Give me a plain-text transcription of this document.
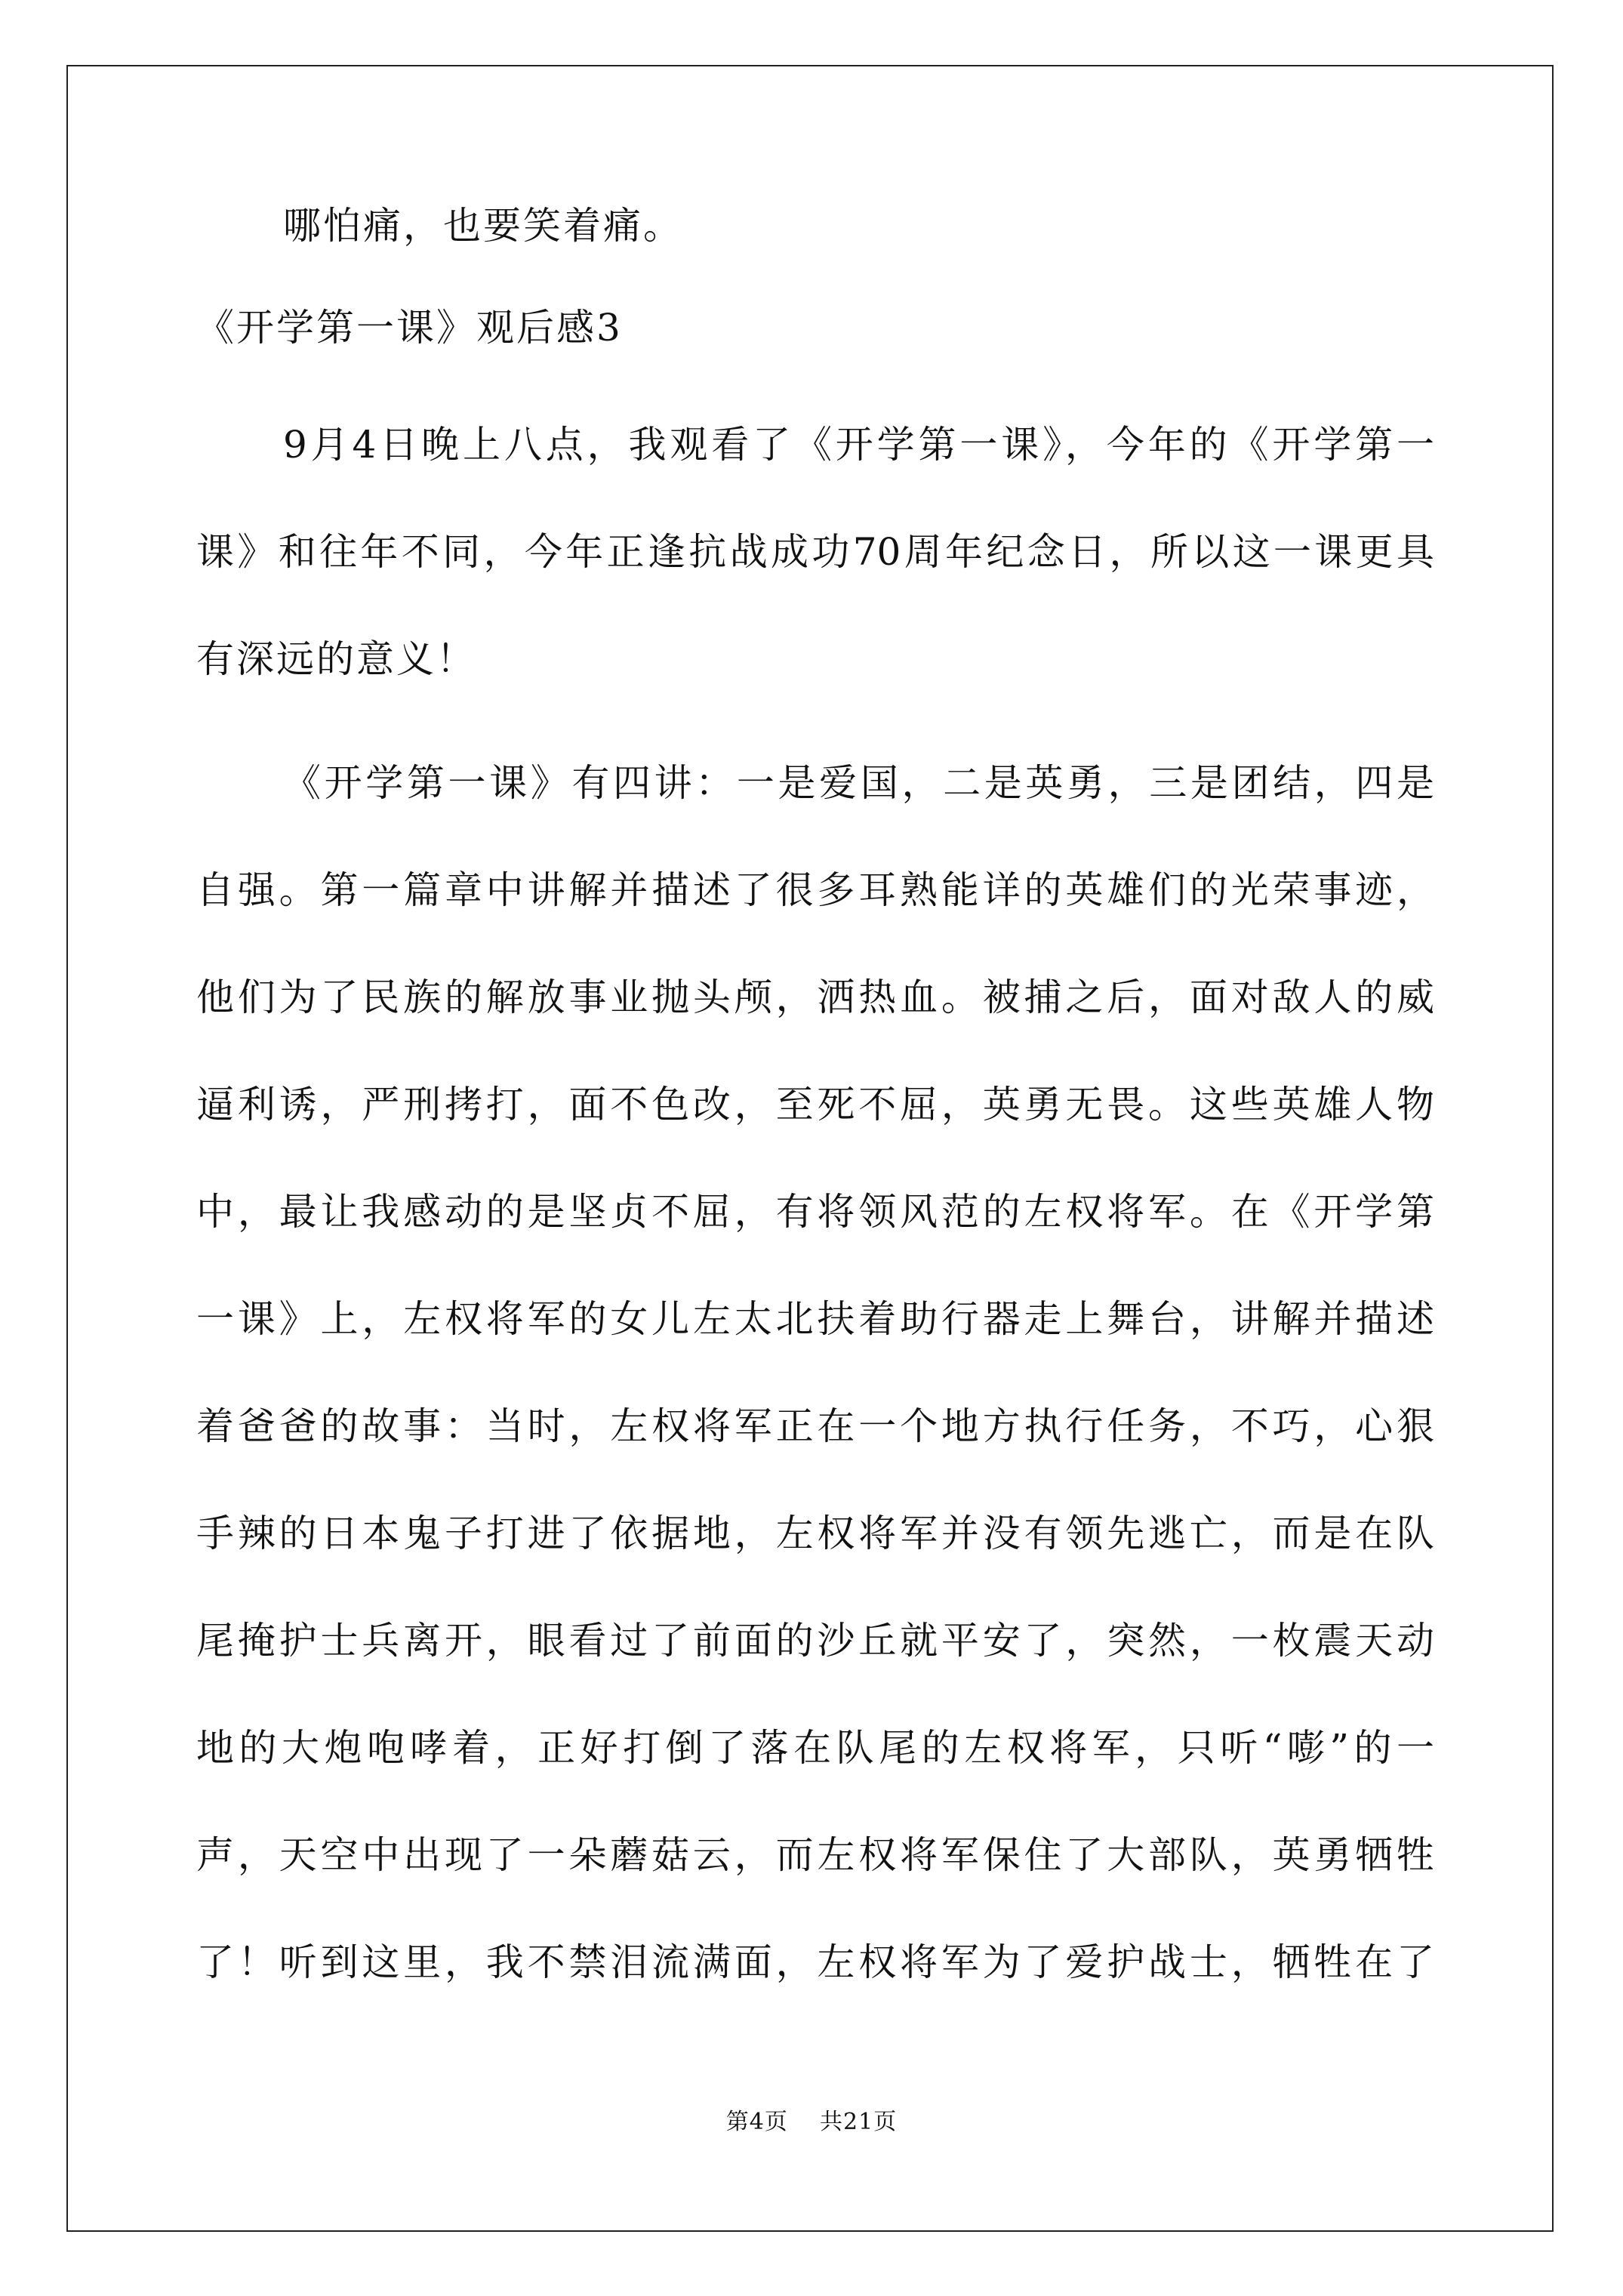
哪怕痛，也要笑着痛。
《开学第一课》观后感3
9月4日晚上八点，我观看了《开学第一课》，今年的《开学第一
课》和往年不同，今年正逢抗战成功70周年纪念日，所以这一课更具
有深远的意义！
《开学第一课》有四讲：一是爱国，二是英勇，三是团结，四是
自强。第一篇章中讲解并描述了很多耳熟能详的英雄们的光荣事迹，
他们为了民族的解放事业抛头颅，洒热血。被捕之后，面对敌人的威
逼利诱，严刑拷打，面不色改，至死不屈，英勇无畏。这些英雄人物
中，最让我感动的是坚贞不屈，有将领风范的左权将军。在《开学第
一课》上，左权将军的女儿左太北扶着助行器走上舞台，讲解并描述
着爸爸的故事：当时，左权将军正在一个地方执行任务，不巧，心狠
手辣的日本鬼子打进了依据地，左权将军并没有领先逃亡，而是在队
尾掩护士兵离开，眼看过了前面的沙丘就平安了，突然，一枚震天动
地的大炮咆哮着，正好打倒了落在队尾的左权将军，只听“嘭”的一
声，天空中出现了一朵蘑菇云，而左权将军保住了大部队，英勇牺牲
了！听到这里，我不禁泪流满面，左权将军为了爱护战士，牺牲在了
第4页 共21页
